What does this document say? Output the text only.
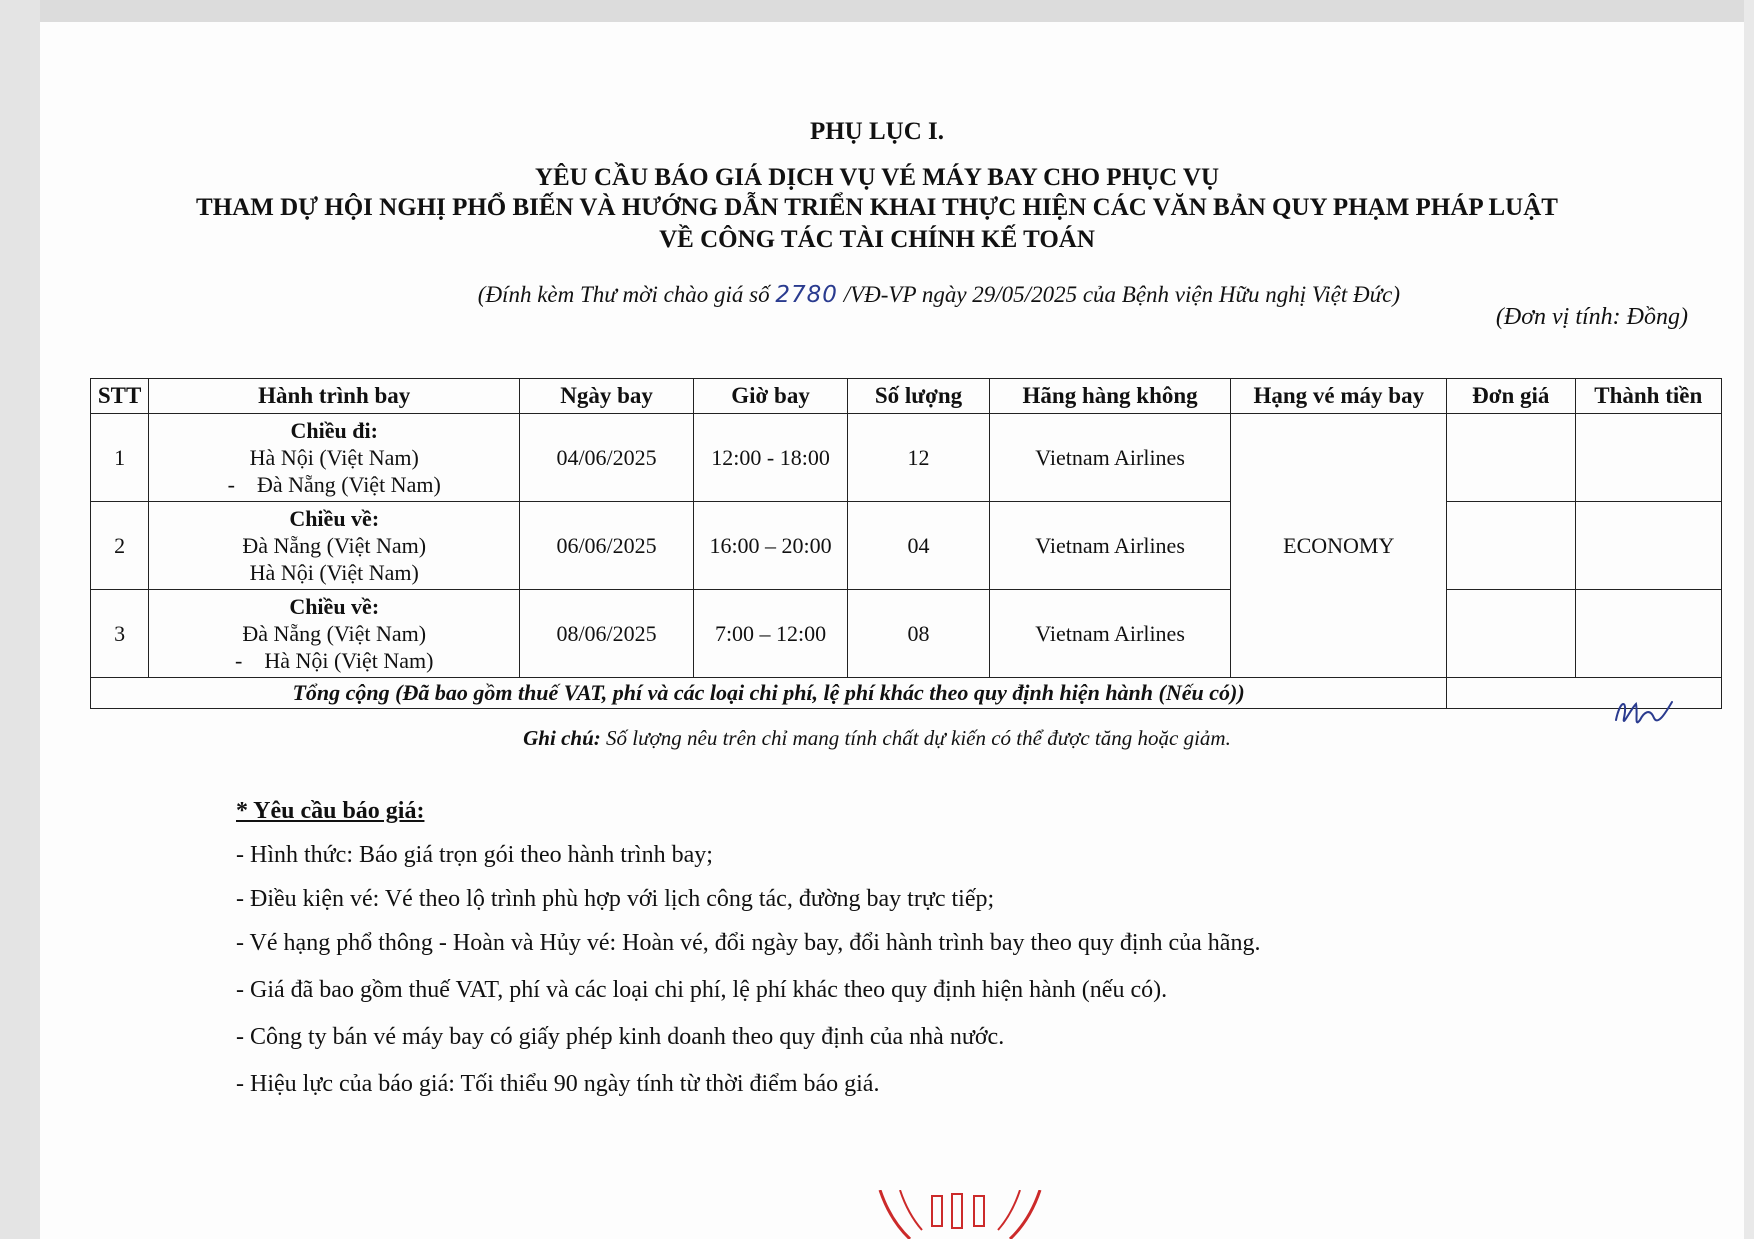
PHỤ LỤC I.
YÊU CẦU BÁO GIÁ DỊCH VỤ VÉ MÁY BAY CHO PHỤC VỤ
THAM DỰ HỘI NGHỊ PHỔ BIẾN VÀ HƯỚNG DẪN TRIỂN KHAI THỰC HIỆN CÁC VĂN BẢN QUY PHẠM PHÁP LUẬT
VỀ CÔNG TÁC TÀI CHÍNH KẾ TOÁN
(Đính kèm Thư mời chào giá số 2780 /VĐ-VP ngày 29/05/2025 của Bệnh viện Hữu nghị Việt Đức)
(Đơn vị tính: Đồng)
STT	Hành trình bay	Ngày bay	Giờ bay	Số lượng	Hãng hàng không	Hạng vé máy bay	Đơn giá	Thành tiền
1	Chiều đi:
Hà Nội (Việt Nam)
- Đà Nẵng (Việt Nam)	04/06/2025	12:00 - 18:00	12	Vietnam Airlines	ECONOMY		
2	Chiều về:
Đà Nẵng (Việt Nam)
Hà Nội (Việt Nam)	06/06/2025	16:00 – 20:00	04	Vietnam Airlines			
3	Chiều về:
Đà Nẵng (Việt Nam)
- Hà Nội (Việt Nam)	08/06/2025	7:00 – 12:00	08	Vietnam Airlines			
Tổng cộng (Đã bao gồm thuế VAT, phí và các loại chi phí, lệ phí khác theo quy định hiện hành (Nếu có))								
Ghi chú: Số lượng nêu trên chỉ mang tính chất dự kiến có thể được tăng hoặc giảm.
* Yêu cầu báo giá:
- Hình thức: Báo giá trọn gói theo hành trình bay;
- Điều kiện vé: Vé theo lộ trình phù hợp với lịch công tác, đường bay trực tiếp;
- Vé hạng phổ thông - Hoàn và Hủy vé: Hoàn vé, đổi ngày bay, đổi hành trình bay theo quy định của hãng.
- Giá đã bao gồm thuế VAT, phí và các loại chi phí, lệ phí khác theo quy định hiện hành (nếu có).
- Công ty bán vé máy bay có giấy phép kinh doanh theo quy định của nhà nước.
- Hiệu lực của báo giá: Tối thiểu 90 ngày tính từ thời điểm báo giá.
